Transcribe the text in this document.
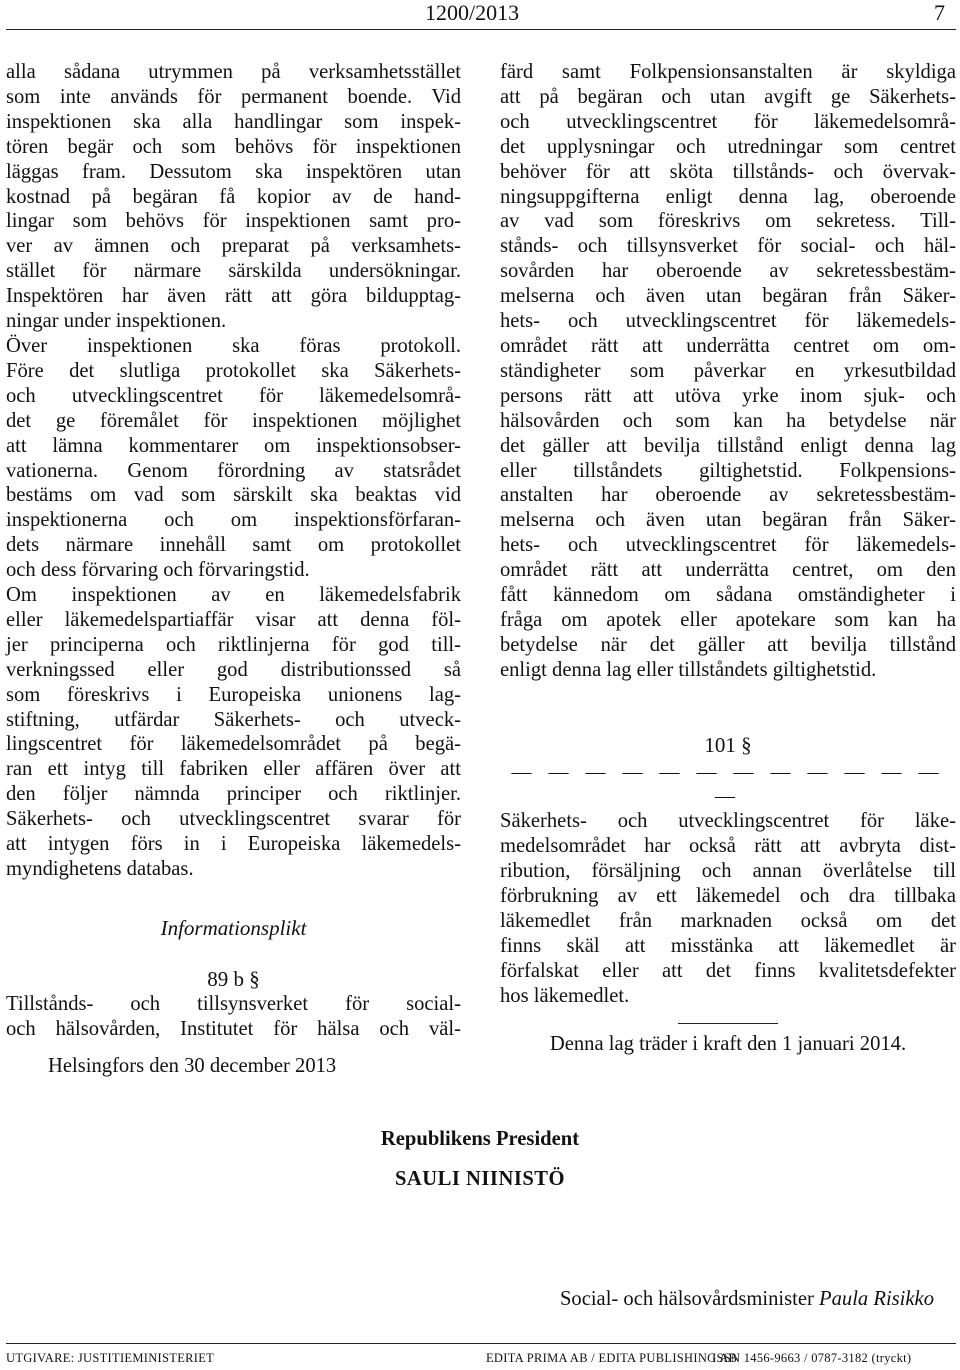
1200/2013	7

alla sådana utrymmen på verksamhetsstället
som inte används för permanent boende. Vid
inspektionen ska alla handlingar som inspek-
tören begär och som behövs för inspektionen
läggas fram. Dessutom ska inspektören utan
kostnad på begäran få kopior av de hand-
lingar som behövs för inspektionen samt pro-
ver av ämnen och preparat på verksamhets-
stället för närmare särskilda undersökningar.
Inspektören har även rätt att göra bildupptag-
ningar under inspektionen.

Över inspektionen ska föras protokoll.
Före det slutliga protokollet ska Säkerhets-
och utvecklingscentret för läkemedelsområ-
det ge föremålet för inspektionen möjlighet
att lämna kommentarer om inspektionsobser-
vationerna. Genom förordning av statsrådet
bestäms om vad som särskilt ska beaktas vid
inspektionerna och om inspektionsförfaran-
dets närmare innehåll samt om protokollet
och dess förvaring och förvaringstid.

Om inspektionen av en läkemedelsfabrik
eller läkemedelspartiaffär visar att denna föl-
jer principerna och riktlinjerna för god till-
verkningssed eller god distributionssed så
som föreskrivs i Europeiska unionens lag-
stiftning, utfärdar Säkerhets- och utveck-
lingscentret för läkemedelsområdet på begä-
ran ett intyg till fabriken eller affären över att
den följer nämnda principer och riktlinjer.
Säkerhets- och utvecklingscentret svarar för
att intygen förs in i Europeiska läkemedels-
myndighetens databas.

Informationsplikt
89 b §

Tillstånds- och tillsynsverket för social-
och hälsovården, Institutet för hälsa och väl-

färd samt Folkpensionsanstalten är skyldiga
att på begäran och utan avgift ge Säkerhets-
och utvecklingscentret för läkemedelsområ-
det upplysningar och utredningar som centret
behöver för att sköta tillstånds- och övervak-
ningsuppgifterna enligt denna lag, oberoende
av vad som föreskrivs om sekretess. Till-
stånds- och tillsynsverket för social- och häl-
sovården har oberoende av sekretessbestäm-
melserna och även utan begäran från Säker-
hets- och utvecklingscentret för läkemedels-
området rätt att underrätta centret om om-
ständigheter som påverkar en yrkesutbildad
persons rätt att utöva yrke inom sjuk- och
hälsovården och som kan ha betydelse när
det gäller att bevilja tillstånd enligt denna lag
eller tillståndets giltighetstid. Folkpensions-
anstalten har oberoende av sekretessbestäm-
melserna och även utan begäran från Säker-
hets- och utvecklingscentret för läkemedels-
området rätt att underrätta centret, om den
fått kännedom om sådana omständigheter i
fråga om apotek eller apotekare som kan ha
betydelse när det gäller att bevilja tillstånd
enligt denna lag eller tillståndets giltighetstid.

101 §
— — — — — — — — — — — — —

Säkerhets- och utvecklingscentret för läke-
medelsområdet har också rätt att avbryta dist-
ribution, försäljning och annan överlåtelse till
förbrukning av ett läkemedel och dra tillbaka
läkemedlet från marknaden också om det
finns skäl att misstänka att läkemedlet är
förfalskat eller att det finns kvalitetsdefekter
hos läkemedlet.

Denna lag träder i kraft den 1 januari 2014.
Helsingfors den 30 december 2013
Republikens President
SAULI NIINISTÖ
Social- och hälsovårdsminister Paula Risikko
UTGIVARE: JUSTITIEMINISTERIET	EDITA PRIMA AB / EDITA PUBLISHING AB
ISSN 1456-9663 / 0787-3182 (tryckt)
